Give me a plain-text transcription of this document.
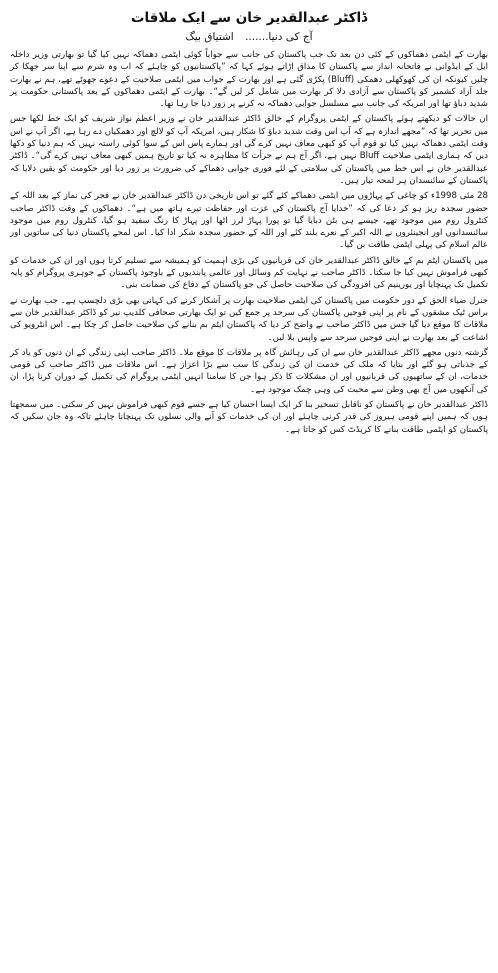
ڈاکٹر عبدالقدیر خان سے ایک ملاقات
آج کی دنیا....... اشتیاق بیگ

بھارت کے ایٹمی دھماکوں کے کئی دن بعد تک جب پاکستان کی جانب سے جواباً کوئی ایٹمی دھماکہ نہیں کیا گیا تو بھارتی وزیر داخلہ ایل کے ایڈوانی نے فاتحانہ انداز سے پاکستان کا مذاق اڑاتے ہوئے کہا کہ ”پاکستانیوں کو چاہئے کہ اب وہ شرم سے اپنا سر جھکا کر چلیں کیونکہ ان کی کھوکھلی دھمکی (Bluff) پکڑی گئی ہے اور بھارت کے جواب میں ایٹمی صلاحیت کے دعوے جھوٹے تھے، ہم نے بھارت جلد آزاد کشمیر کو پاکستان سے آزادی دلا کر بھارت میں شامل کر لیں گے“۔ بھارت کے ایٹمی دھماکوں کے بعد پاکستانی حکومت پر شدید دباؤ تھا اور امریکہ کی جانب سے مسلسل جوابی دھماکہ نہ کرنے پر زور دیا جا رہا تھا۔

ان حالات کو دیکھتے ہوئے پاکستان کے ایٹمی پروگرام کے خالق ڈاکٹر عبدالقدیر خان نے وزیر اعظم نواز شریف کو ایک خط لکھا جس میں تحریر تھا کہ ”مجھے اندازہ ہے کہ آپ اس وقت شدید دباؤ کا شکار ہیں، امریکہ آپ کو لالچ اور دھمکیاں دے رہا ہے، اگر آپ نے اس وقت ایٹمی دھماکہ نہیں کیا تو قوم آپ کو کبھی معاف نہیں کرے گی اور ہمارے پاس اس کے سوا کوئی راستہ نہیں کہ ہم دنیا کو دکھا دیں کہ ہماری ایٹمی صلاحیت Bluff نہیں ہے، اگر آج ہم نے جرأت کا مظاہرہ نہ کیا تو تاریخ ہمیں کبھی معاف نہیں کرے گی“۔ ڈاکٹر عبدالقدیر خان نے اس خط میں پاکستان کی سلامتی کے لئے فوری جوابی دھماکے کی ضرورت پر زور دیا اور حکومت کو یقین دلایا کہ پاکستان کے سائنسدان ہر لمحہ تیار ہیں۔

28 مئی 1998ء کو چاغی کے پہاڑوں میں ایٹمی دھماکے کئے گئے تو اس تاریخی دن ڈاکٹر عبدالقدیر خان نے فجر کی نماز کے بعد اللہ کے حضور سجدہ ریز ہو کر دعا کی کہ ”خدایا آج پاکستان کی عزت اور حفاظت تیرے ہاتھ میں ہے“۔ دھماکوں کے وقت ڈاکٹر صاحب کنٹرول روم میں موجود تھے، جیسے ہی بٹن دبایا گیا تو پورا پہاڑ لرز اٹھا اور پہاڑ کا رنگ سفید ہو گیا، کنٹرول روم میں موجود سائنسدانوں اور انجینئروں نے اللہ اکبر کے نعرے بلند کئے اور اللہ کے حضور سجدہ شکر ادا کیا۔ اس لمحے پاکستان دنیا کی ساتویں اور عالم اسلام کی پہلی ایٹمی طاقت بن گیا۔

میں پاکستان ایٹم بم کے خالق ڈاکٹر عبدالقدیر خان کی قربانیوں کی بڑی اہمیت کو ہمیشہ سے تسلیم کرتا ہوں اور ان کی خدمات کو کبھی فراموش نہیں کیا جا سکتا۔ ڈاکٹر صاحب نے نہایت کم وسائل اور عالمی پابندیوں کے باوجود پاکستان کے جوہری پروگرام کو پایہ تکمیل تک پہنچایا اور یورینیم کی افزودگی کی صلاحیت حاصل کی جو پاکستان کے دفاع کی ضمانت بنی۔

جنرل ضیاء الحق کے دور حکومت میں پاکستان کی ایٹمی صلاحیت بھارت پر آشکار کرنے کی کہانی بھی بڑی دلچسپ ہے۔ جب بھارت نے براس ٹیک مشقوں کے نام پر اپنی فوجیں پاکستان کی سرحد پر جمع کیں تو ایک بھارتی صحافی کلدیپ نیر کو ڈاکٹر عبدالقدیر خان سے ملاقات کا موقع دیا گیا جس میں ڈاکٹر صاحب نے واضح کر دیا کہ پاکستان ایٹم بم بنانے کی صلاحیت حاصل کر چکا ہے۔ اس انٹرویو کی اشاعت کے بعد بھارت نے اپنی فوجیں سرحد سے واپس بلا لیں۔

گزشتہ دنوں مجھے ڈاکٹر عبدالقدیر خان سے ان کی رہائش گاہ پر ملاقات کا موقع ملا۔ ڈاکٹر صاحب اپنی زندگی کے ان دنوں کو یاد کر کے جذباتی ہو گئے اور بتایا کہ ملک کی خدمت ان کی زندگی کا سب سے بڑا اعزاز ہے۔ اس ملاقات میں ڈاکٹر صاحب کی قومی خدمات، ان کے ساتھیوں کی قربانیوں اور ان مشکلات کا ذکر ہوا جن کا سامنا انہیں ایٹمی پروگرام کی تکمیل کے دوران کرنا پڑا، ان کی آنکھوں میں آج بھی وطن سے محبت کی وہی چمک موجود ہے۔

ڈاکٹر عبدالقدیر خان نے پاکستان کو ناقابل تسخیر بنا کر ایک ایسا احسان کیا ہے جسے قوم کبھی فراموش نہیں کر سکتی۔ میں سمجھتا ہوں کہ ہمیں اپنے قومی ہیروز کی قدر کرنی چاہئے اور ان کی خدمات کو آنے والی نسلوں تک پہنچانا چاہئے تاکہ وہ جان سکیں کہ پاکستان کو ایٹمی طاقت بنانے کا کریڈٹ کس کو جاتا ہے۔
